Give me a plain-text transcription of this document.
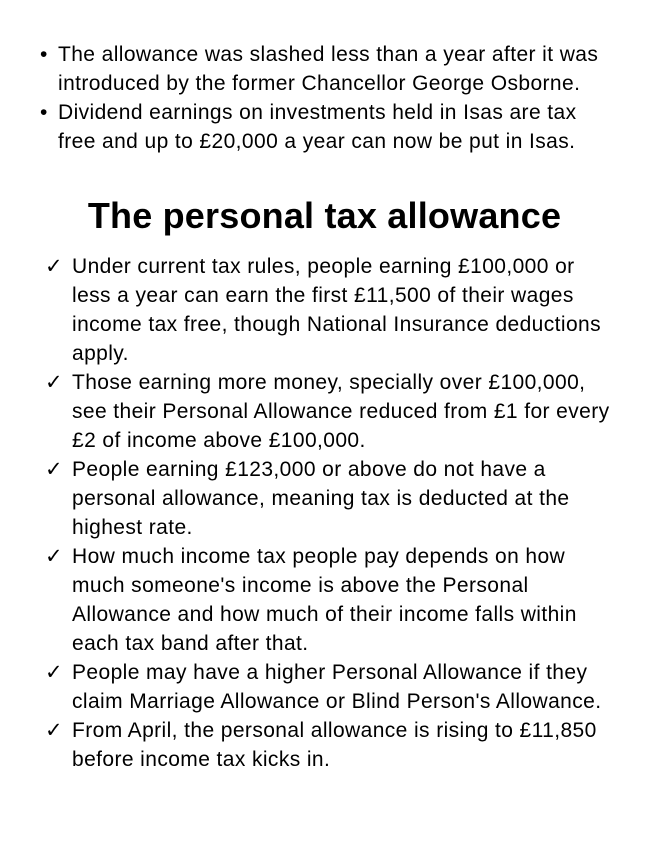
• The allowance was slashed less than a year after it was introduced by the former Chancellor George Osborne.
• Dividend earnings on investments held in Isas are tax free and up to £20,000 a year can now be put in Isas.
The personal tax allowance
✓ Under current tax rules, people earning £100,000 or less a year can earn the first £11,500 of their wages income tax free, though National Insurance deductions apply.
✓ Those earning more money, specially over £100,000, see their Personal Allowance reduced from £1 for every £2 of income above £100,000.
✓ People earning £123,000 or above do not have a personal allowance, meaning tax is deducted at the highest rate.
✓ How much income tax people pay depends on how much someone's income is above the Personal Allowance and how much of their income falls within each tax band after that.
✓ People may have a higher Personal Allowance if they claim Marriage Allowance or Blind Person's Allowance.
✓ From April, the personal allowance is rising to £11,850 before income tax kicks in.
